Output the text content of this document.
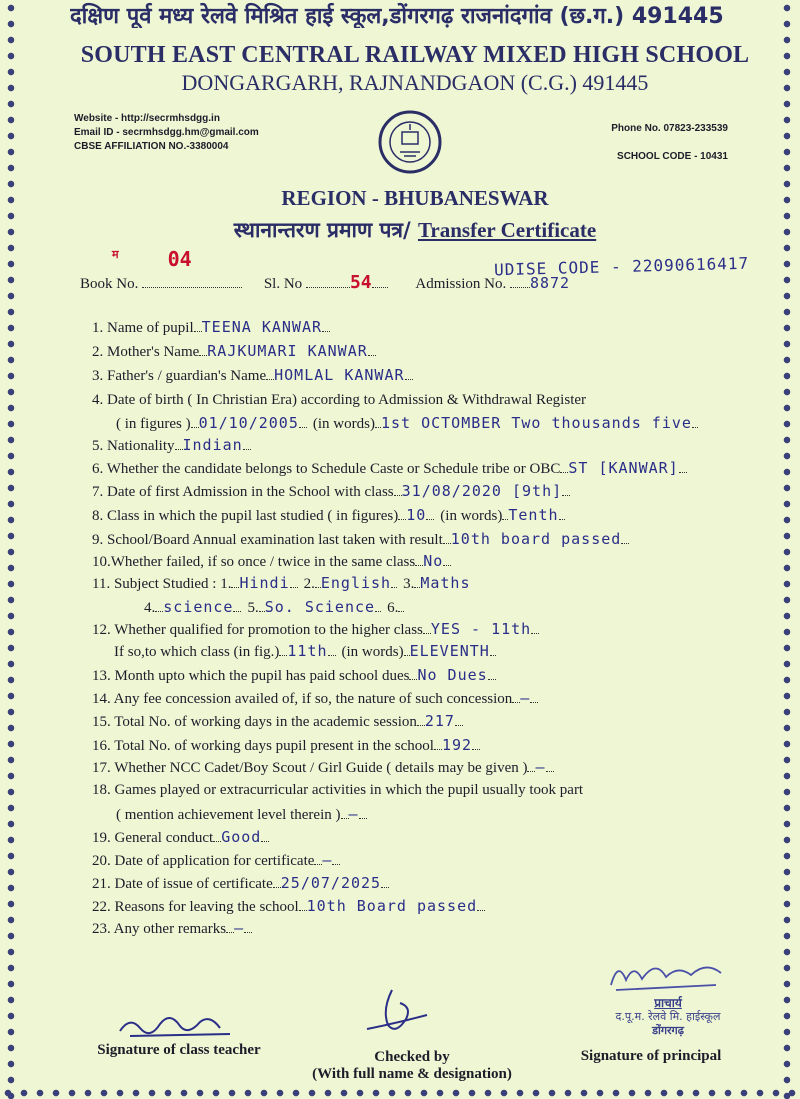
दक्षिण पूर्व मध्य रेलवे मिश्रित हाई स्कूल,डोंगरगढ़ राजनांदगांव (छ.ग.) 491445
SOUTH EAST CENTRAL RAILWAY MIXED HIGH SCHOOL
DONGARGARH, RAJNANDGAON (C.G.) 491445
Website - http://secrmhsdgg.in
Email ID - secrmhsdgg.hm@gmail.com
CBSE AFFILIATION NO.-3380004
Phone No. 07823-233539
SCHOOL CODE - 10431
REGION - BHUBANESWAR
स्थानान्तरण प्रमाण पत्र/ Transfer Certificate
$^म$ 04	UDISE CODE - 22090616417
Book No.	Sl. No	54	Admission No. 8872
1. Name of pupil TEENA KANWAR
2. Mother's Name RAJKUMARI KANWAR
3. Father's / guardian's Name HOMLAL KANWAR
4. Date of birth ( In Christian Era) according to Admission & Withdrawal Register
( in figures ) 01/10/2005 (in words) 1st OCTOMBER Two thousands five
5. Nationality Indian
6. Whether the candidate belongs to Schedule Caste or Schedule tribe or OBC ST [KANWAR]
7. Date of first Admission in the School with class 31/08/2020 [9th]
8. Class in which the pupil last studied ( in figures) 10 (in words) Tenth
9. School/Board Annual examination last taken with result 10th board passed
10.Whether failed, if so once / twice in the same class No
11. Subject Studied : 1. Hindi 2. English 3. Maths
4. science 5. So. Science 6.
12. Whether qualified for promotion to the higher class YES - 11th
If so,to which class (in fig.) 11th (in words) ELEVENTH
13. Month upto which the pupil has paid school dues No Dues
14. Any fee concession availed of, if so, the nature of such concession —
15. Total No. of working days in the academic session 217
16. Total No. of working days pupil present in the school 192
17. Whether NCC Cadet/Boy Scout / Girl Guide ( details may be given ) —
18. Games played or extracurricular activities in which the pupil usually took part
( mention achievement level therein ) —
19. General conduct Good
20. Date of application for certificate —
21. Date of issue of certificate 25/07/2025
22. Reasons for leaving the school 10th Board passed
23. Any other remarks —
प्राचार्य
द.पू.म. रेलवे मि. हाईस्कूल
डोंगरगढ़
Signature of class teacher	Checked by
(With full name & designation)
Signature of principal
